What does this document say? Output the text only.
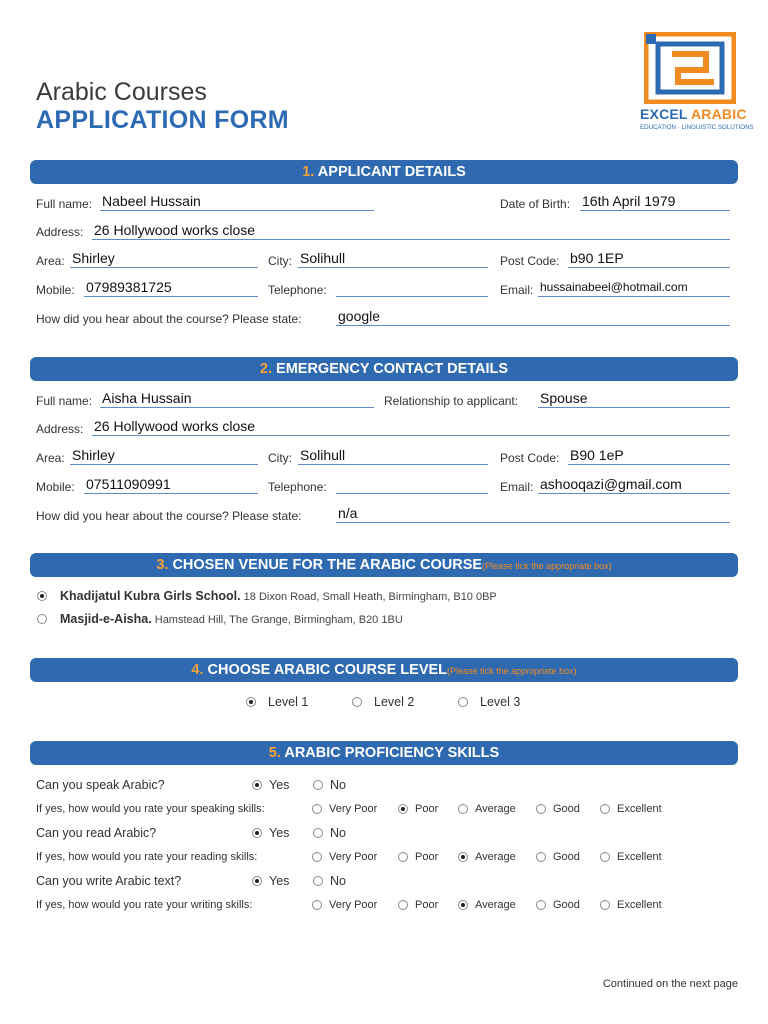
Arabic Courses
APPLICATION FORM	EXCEL ARABIC
EDUCATION · LINGUISTIC SOLUTIONS
1. APPLICANT DETAILS
Full name: Nabeel Hussain	Date of Birth: 16th April 1979
Address: 26 Hollywood works close
Area: Shirley	City: Solihull	Post Code: b90 1EP
Mobile: 07989381725	Telephone:	Email: hussainabeel@hotmail.com
How did you hear about the course? Please state:	google
2. EMERGENCY CONTACT DETAILS
Full name: Aisha Hussain	Relationship to applicant: Spouse
Address: 26 Hollywood works close
Area: Shirley	City: Solihull	Post Code: B90 1eP
Mobile: 07511090991	Telephone:	Email: ashooqazi@gmail.com
How did you hear about the course? Please state:	n/a
3. CHOSEN VENUE FOR THE ARABIC COURSE(Please tick the appropriate box)
Khadijatul Kubra Girls School. 18 Dixon Road, Small Heath, Birmingham, B10 0BP
Masjid-e-Aisha. Hamstead Hill, The Grange, Birmingham, B20 1BU
4. CHOOSE ARABIC COURSE LEVEL(Please tick the appropriate box)
Level 1	Level 2	Level 3
5. ARABIC PROFICIENCY SKILLS
Can you speak Arabic?	Yes	No
If yes, how would you rate your speaking skills:	Very Poor	Poor	Average	Good	Excellent
Can you read Arabic?	Yes	No
If yes, how would you rate your reading skills:	Very Poor	Poor	Average	Good	Excellent
Can you write Arabic text?	Yes	No
If yes, how would you rate your writing skills:	Very Poor	Poor	Average	Good	Excellent
Continued on the next page
